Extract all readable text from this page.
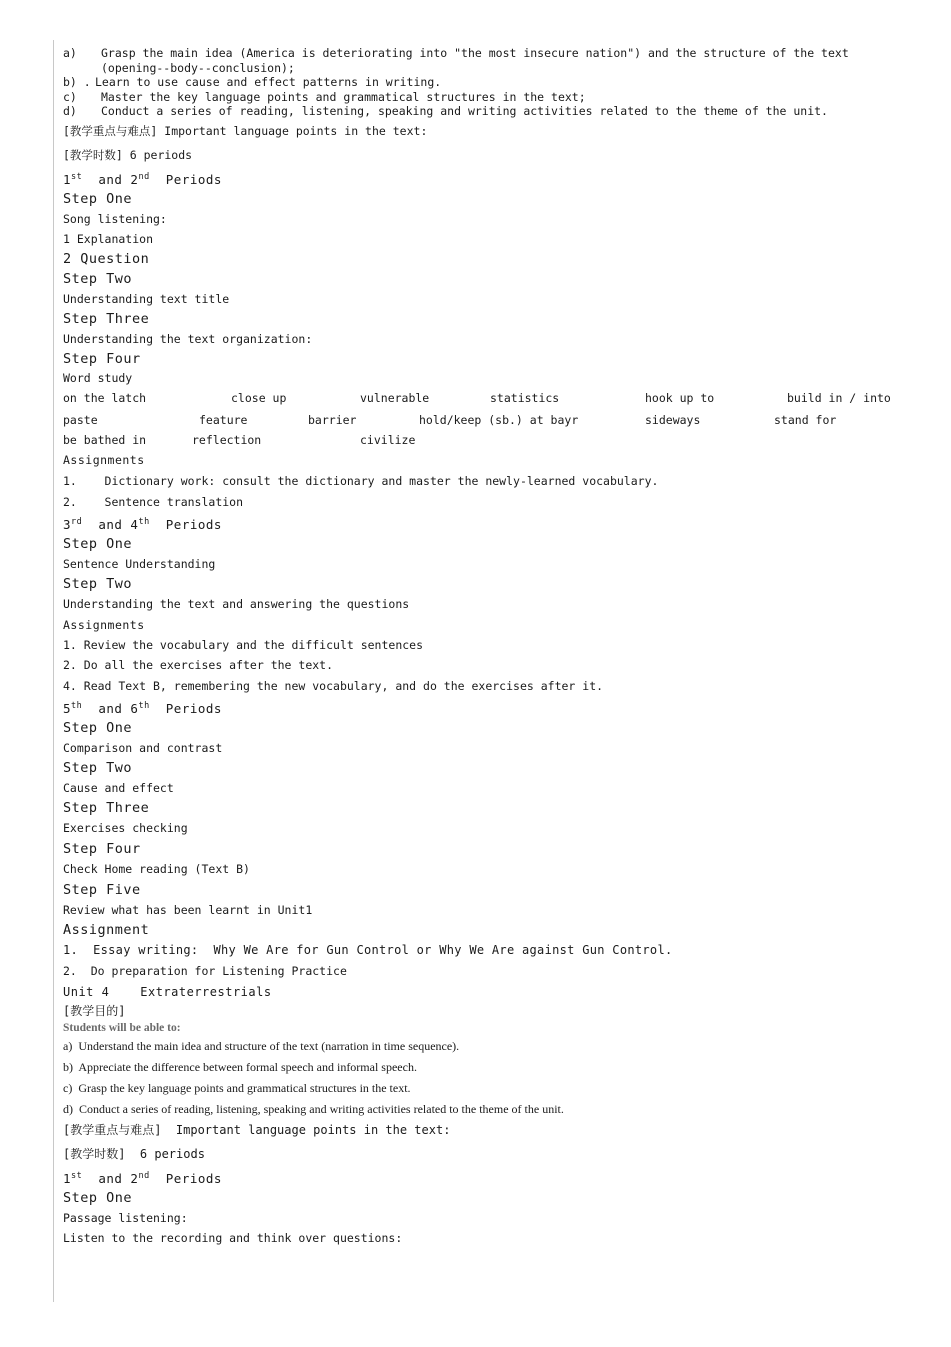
a)	Grasp the main idea (America is deteriorating into "the most insecure nation") and the structure of the text
(opening--body--conclusion);
b) . Learn to use cause and effect patterns in writing.
c)	Master the key language points and grammatical structures in the text;
d)	Conduct a series of reading, listening, speaking and writing activities related to the theme of the unit.
[教学重点与难点] Important language points in the text:
[教学时数] 6 periods
1st  and 2nd  Periods
Step One
Song listening:
1 Explanation
2 Question
Step Two
Understanding text title
Step Three
Understanding the text organization:
Step Four
Word study
on the latch	close up	vulnerable	statistics	hook up to	build in / into
paste	feature	barrier	hold/keep (sb.) at bayr	sideways	stand for
be bathed in	reflection	civilize
Assignments
1.    Dictionary work: consult the dictionary and master the newly-learned vocabulary.
2.    Sentence translation
3rd  and 4th  Periods
Step One
Sentence Understanding
Step Two
Understanding the text and answering the questions
Assignments
1. Review the vocabulary and the difficult sentences
2. Do all the exercises after the text.
4. Read Text B, remembering the new vocabulary, and do the exercises after it.
5th  and 6th  Periods
Step One
Comparison and contrast
Step Two
Cause and effect
Step Three
Exercises checking
Step Four
Check Home reading (Text B)
Step Five
Review what has been learnt in Unit1
Assignment
1.  Essay writing:  Why We Are for Gun Control or Why We Are against Gun Control.
2.  Do preparation for Listening Practice
Unit 4    Extraterrestrials
[教学目的]
Students will be able to:
a)  Understand the main idea and structure of the text (narration in time sequence).
b)  Appreciate the difference between formal speech and informal speech.
c)  Grasp the key language points and grammatical structures in the text.
d)  Conduct a series of reading, listening, speaking and writing activities related to the theme of the unit.
[教学重点与难点]  Important language points in the text:
[教学时数]  6 periods
1st  and 2nd  Periods
Step One
Passage listening:
Listen to the recording and think over questions:
